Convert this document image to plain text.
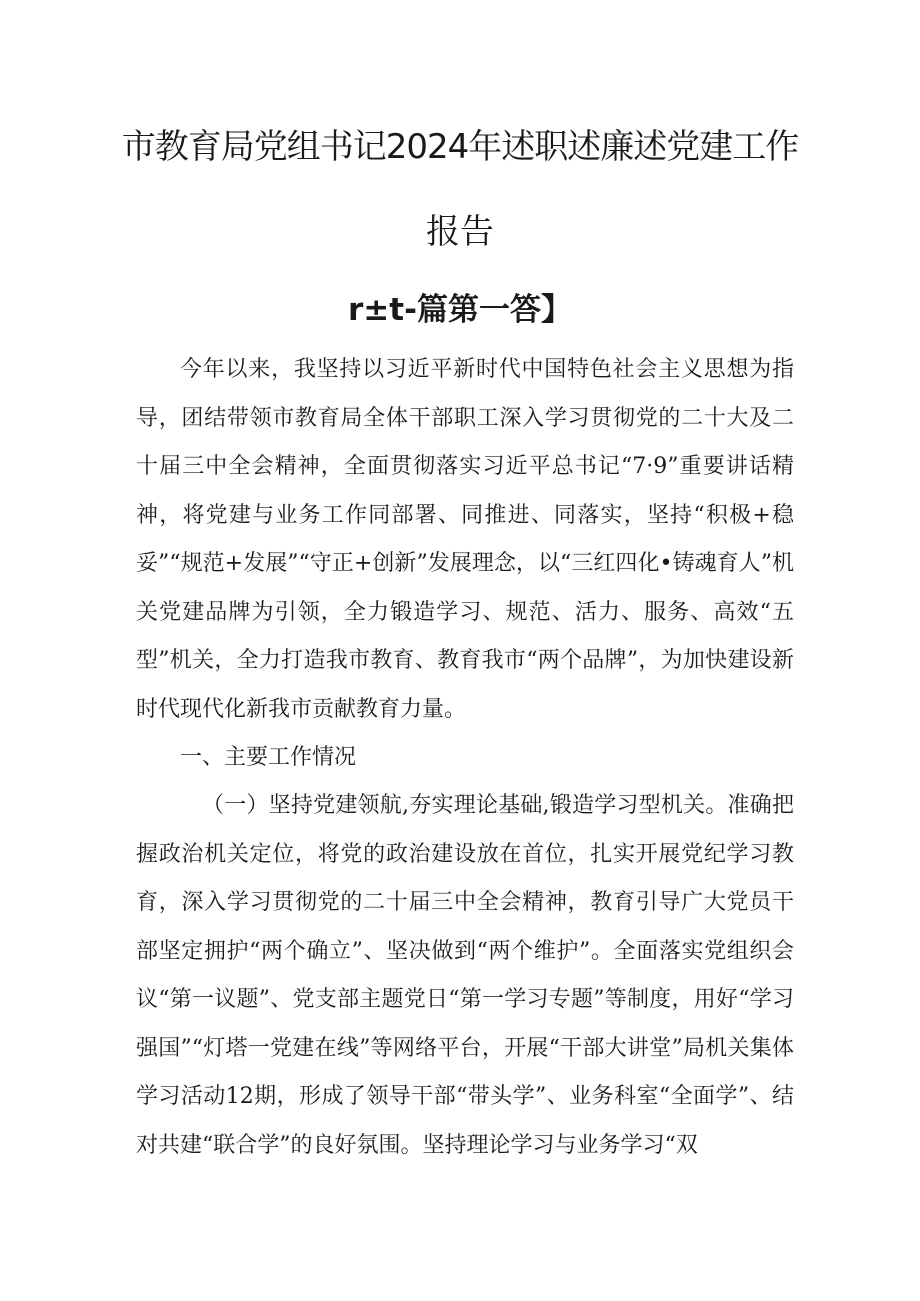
市教育局党组书记2024年述职述廉述党建工作
报告
r±t-篇第一答】
今年以来，我坚持以习近平新时代中国特色社会主义思想为指导，团结带领市教育局全体干部职工深入学习贯彻党的二十大及二十届三中全会精神，全面贯彻落实习近平总书记“7·9”重要讲话精神，将党建与业务工作同部署、同推进、同落实，坚持“积极+稳妥”“规范+发展”“守正+创新”发展理念，以“三红四化•铸魂育人”机关党建品牌为引领，全力锻造学习、规范、活力、服务、高效“五型”机关，全力打造我市教育、教育我市“两个品牌”，为加快建设新时代现代化新我市贡献教育力量。
一、主要工作情况
（一）坚持党建领航,夯实理论基础,锻造学习型机关。准确把握政治机关定位，将党的政治建设放在首位，扎实开展党纪学习教育，深入学习贯彻党的二十届三中全会精神，教育引导广大党员干部坚定拥护“两个确立”、坚决做到“两个维护”。全面落实党组织会议“第一议题”、党支部主题党日“第一学习专题”等制度，用好“学习强国”“灯塔一党建在线”等网络平台，开展“干部大讲堂”局机关集体学习活动12期，形成了领导干部“带头学”、业务科室“全面学”、结对共建“联合学”的良好氛围。坚持理论学习与业务学习“双
